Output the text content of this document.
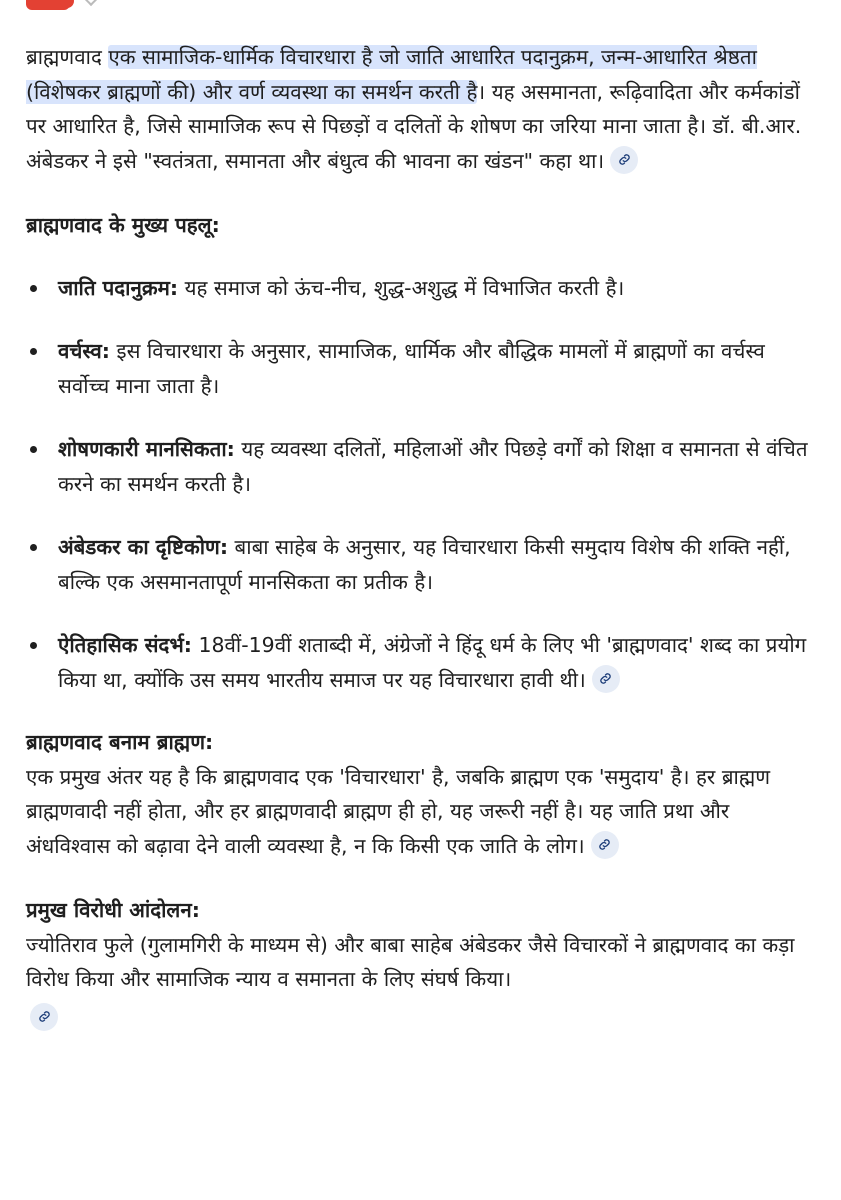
ब्राह्मणवाद एक सामाजिक-धार्मिक विचारधारा है जो जाति आधारित पदानुक्रम, जन्म-आधारित श्रेष्ठता (विशेषकर ब्राह्मणों की) और वर्ण व्यवस्था का समर्थन करती है। यह असमानता, रूढ़िवादिता और कर्मकांडों पर आधारित है, जिसे सामाजिक रूप से पिछड़ों व दलितों के शोषण का जरिया माना जाता है। डॉ. बी.आर. अंबेडकर ने इसे "स्वतंत्रता, समानता और बंधुत्व की भावना का खंडन" कहा था।

ब्राह्मणवाद के मुख्य पहलू:
जाति पदानुक्रम: यह समाज को ऊंच-नीच, शुद्ध-अशुद्ध में विभाजित करती है।
वर्चस्व: इस विचारधारा के अनुसार, सामाजिक, धार्मिक और बौद्धिक मामलों में ब्राह्मणों का वर्चस्व सर्वोच्च माना जाता है।
शोषणकारी मानसिकता: यह व्यवस्था दलितों, महिलाओं और पिछड़े वर्गों को शिक्षा व समानता से वंचित करने का समर्थन करती है।
अंबेडकर का दृष्टिकोण: बाबा साहेब के अनुसार, यह विचारधारा किसी समुदाय विशेष की शक्ति नहीं, बल्कि एक असमानतापूर्ण मानसिकता का प्रतीक है।
ऐतिहासिक संदर्भ: 18वीं-19वीं शताब्दी में, अंग्रेजों ने हिंदू धर्म के लिए भी 'ब्राह्मणवाद' शब्द का प्रयोग किया था, क्योंकि उस समय भारतीय समाज पर यह विचारधारा हावी थी।
ब्राह्मणवाद बनाम ब्राह्मण:

एक प्रमुख अंतर यह है कि ब्राह्मणवाद एक 'विचारधारा' है, जबकि ब्राह्मण एक 'समुदाय' है। हर ब्राह्मण ब्राह्मणवादी नहीं होता, और हर ब्राह्मणवादी ब्राह्मण ही हो, यह जरूरी नहीं है। यह जाति प्रथा और अंधविश्वास को बढ़ावा देने वाली व्यवस्था है, न कि किसी एक जाति के लोग।

प्रमुख विरोधी आंदोलन:

ज्योतिराव फुले (गुलामगिरी के माध्यम से) और बाबा साहेब अंबेडकर जैसे विचारकों ने ब्राह्मणवाद का कड़ा विरोध किया और सामाजिक न्याय व समानता के लिए संघर्ष किया।
